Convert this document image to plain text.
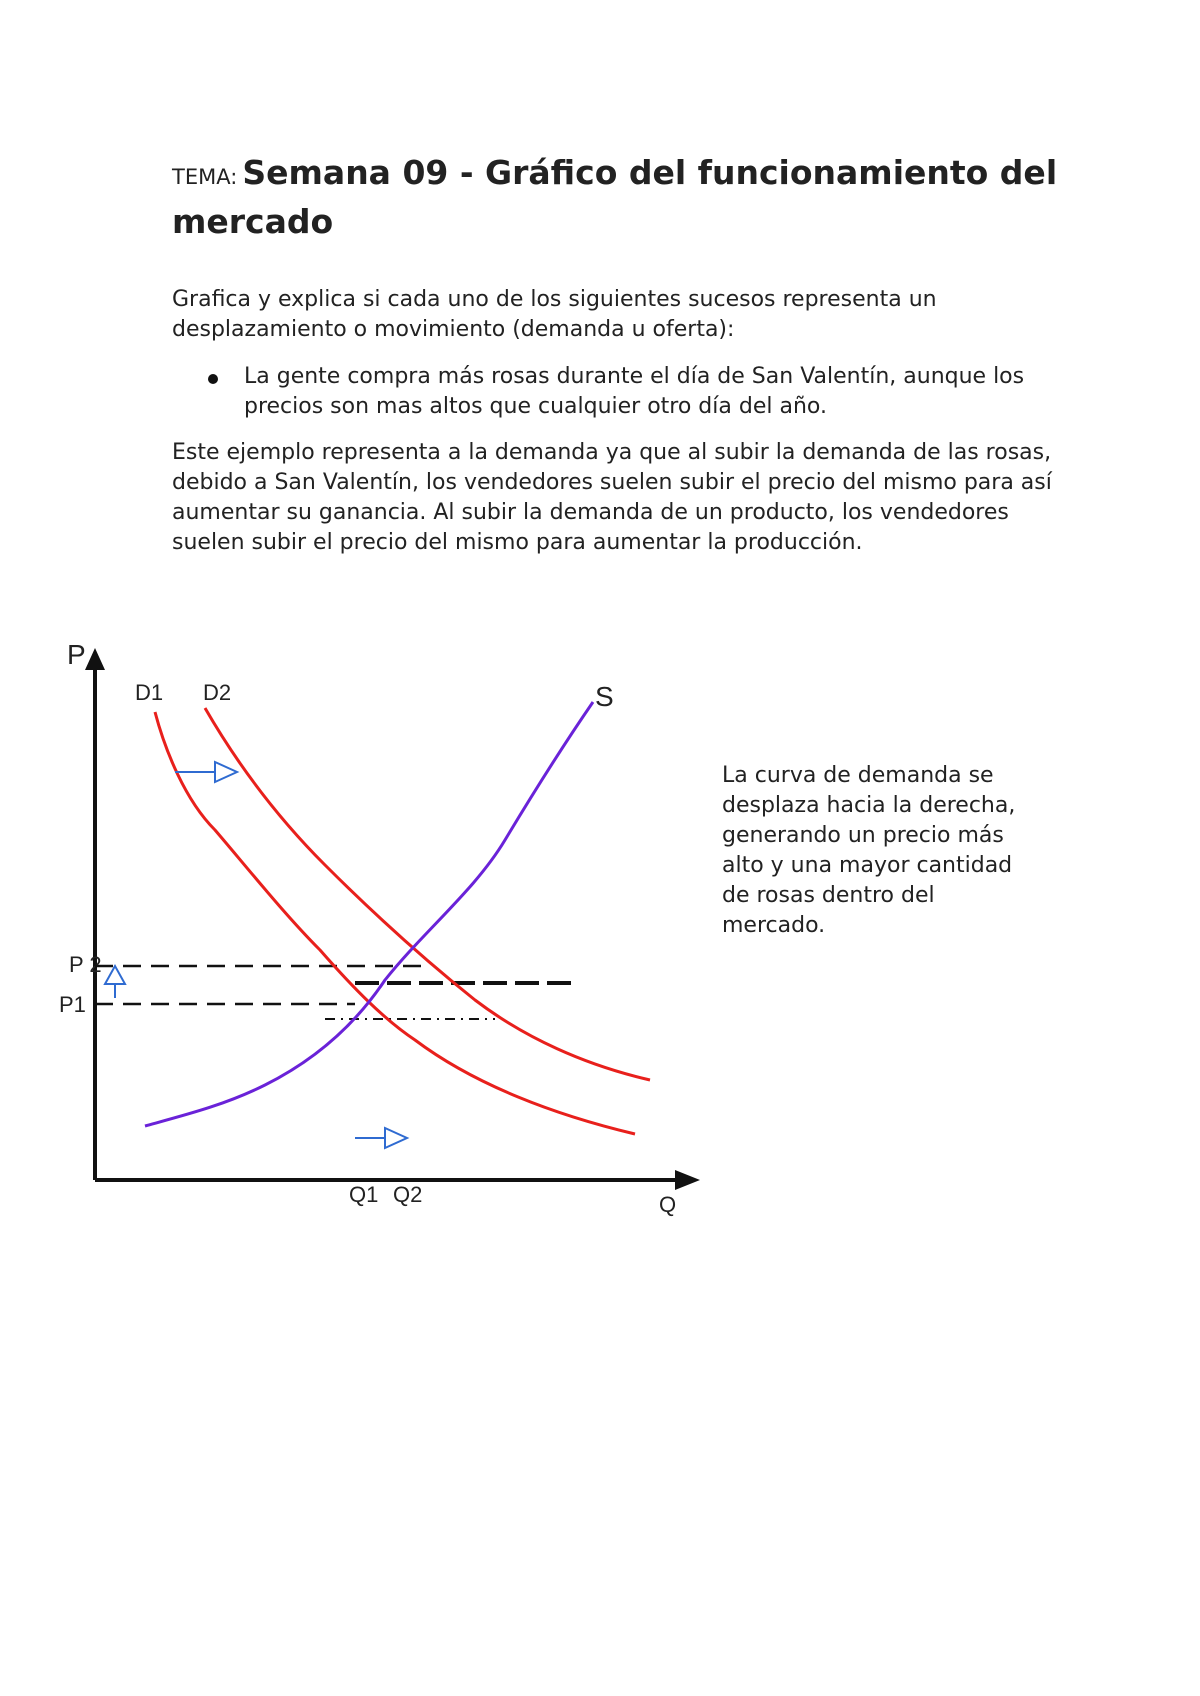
TEMA: Semana 09 - Gráfico del funcionamiento del mercado

Grafica y explica si cada uno de los siguientes sucesos representa un desplazamiento o movimiento (demanda u oferta):

La gente compra más rosas durante el día de San Valentín, aunque los precios son mas altos que cualquier otro día del año.

Este ejemplo representa a la demanda ya que al subir la demanda de las rosas, debido a San Valentín, los vendedores suelen subir el precio del mismo para así aumentar su ganancia. Al subir la demanda de un producto, los vendedores suelen subir el precio del mismo para aumentar la producción.

P
Q
D1 D2	S
P 2
P1
Q1 Q2

La curva de demanda se desplaza hacia la derecha, generando un precio más alto y una mayor cantidad de rosas dentro del mercado.
